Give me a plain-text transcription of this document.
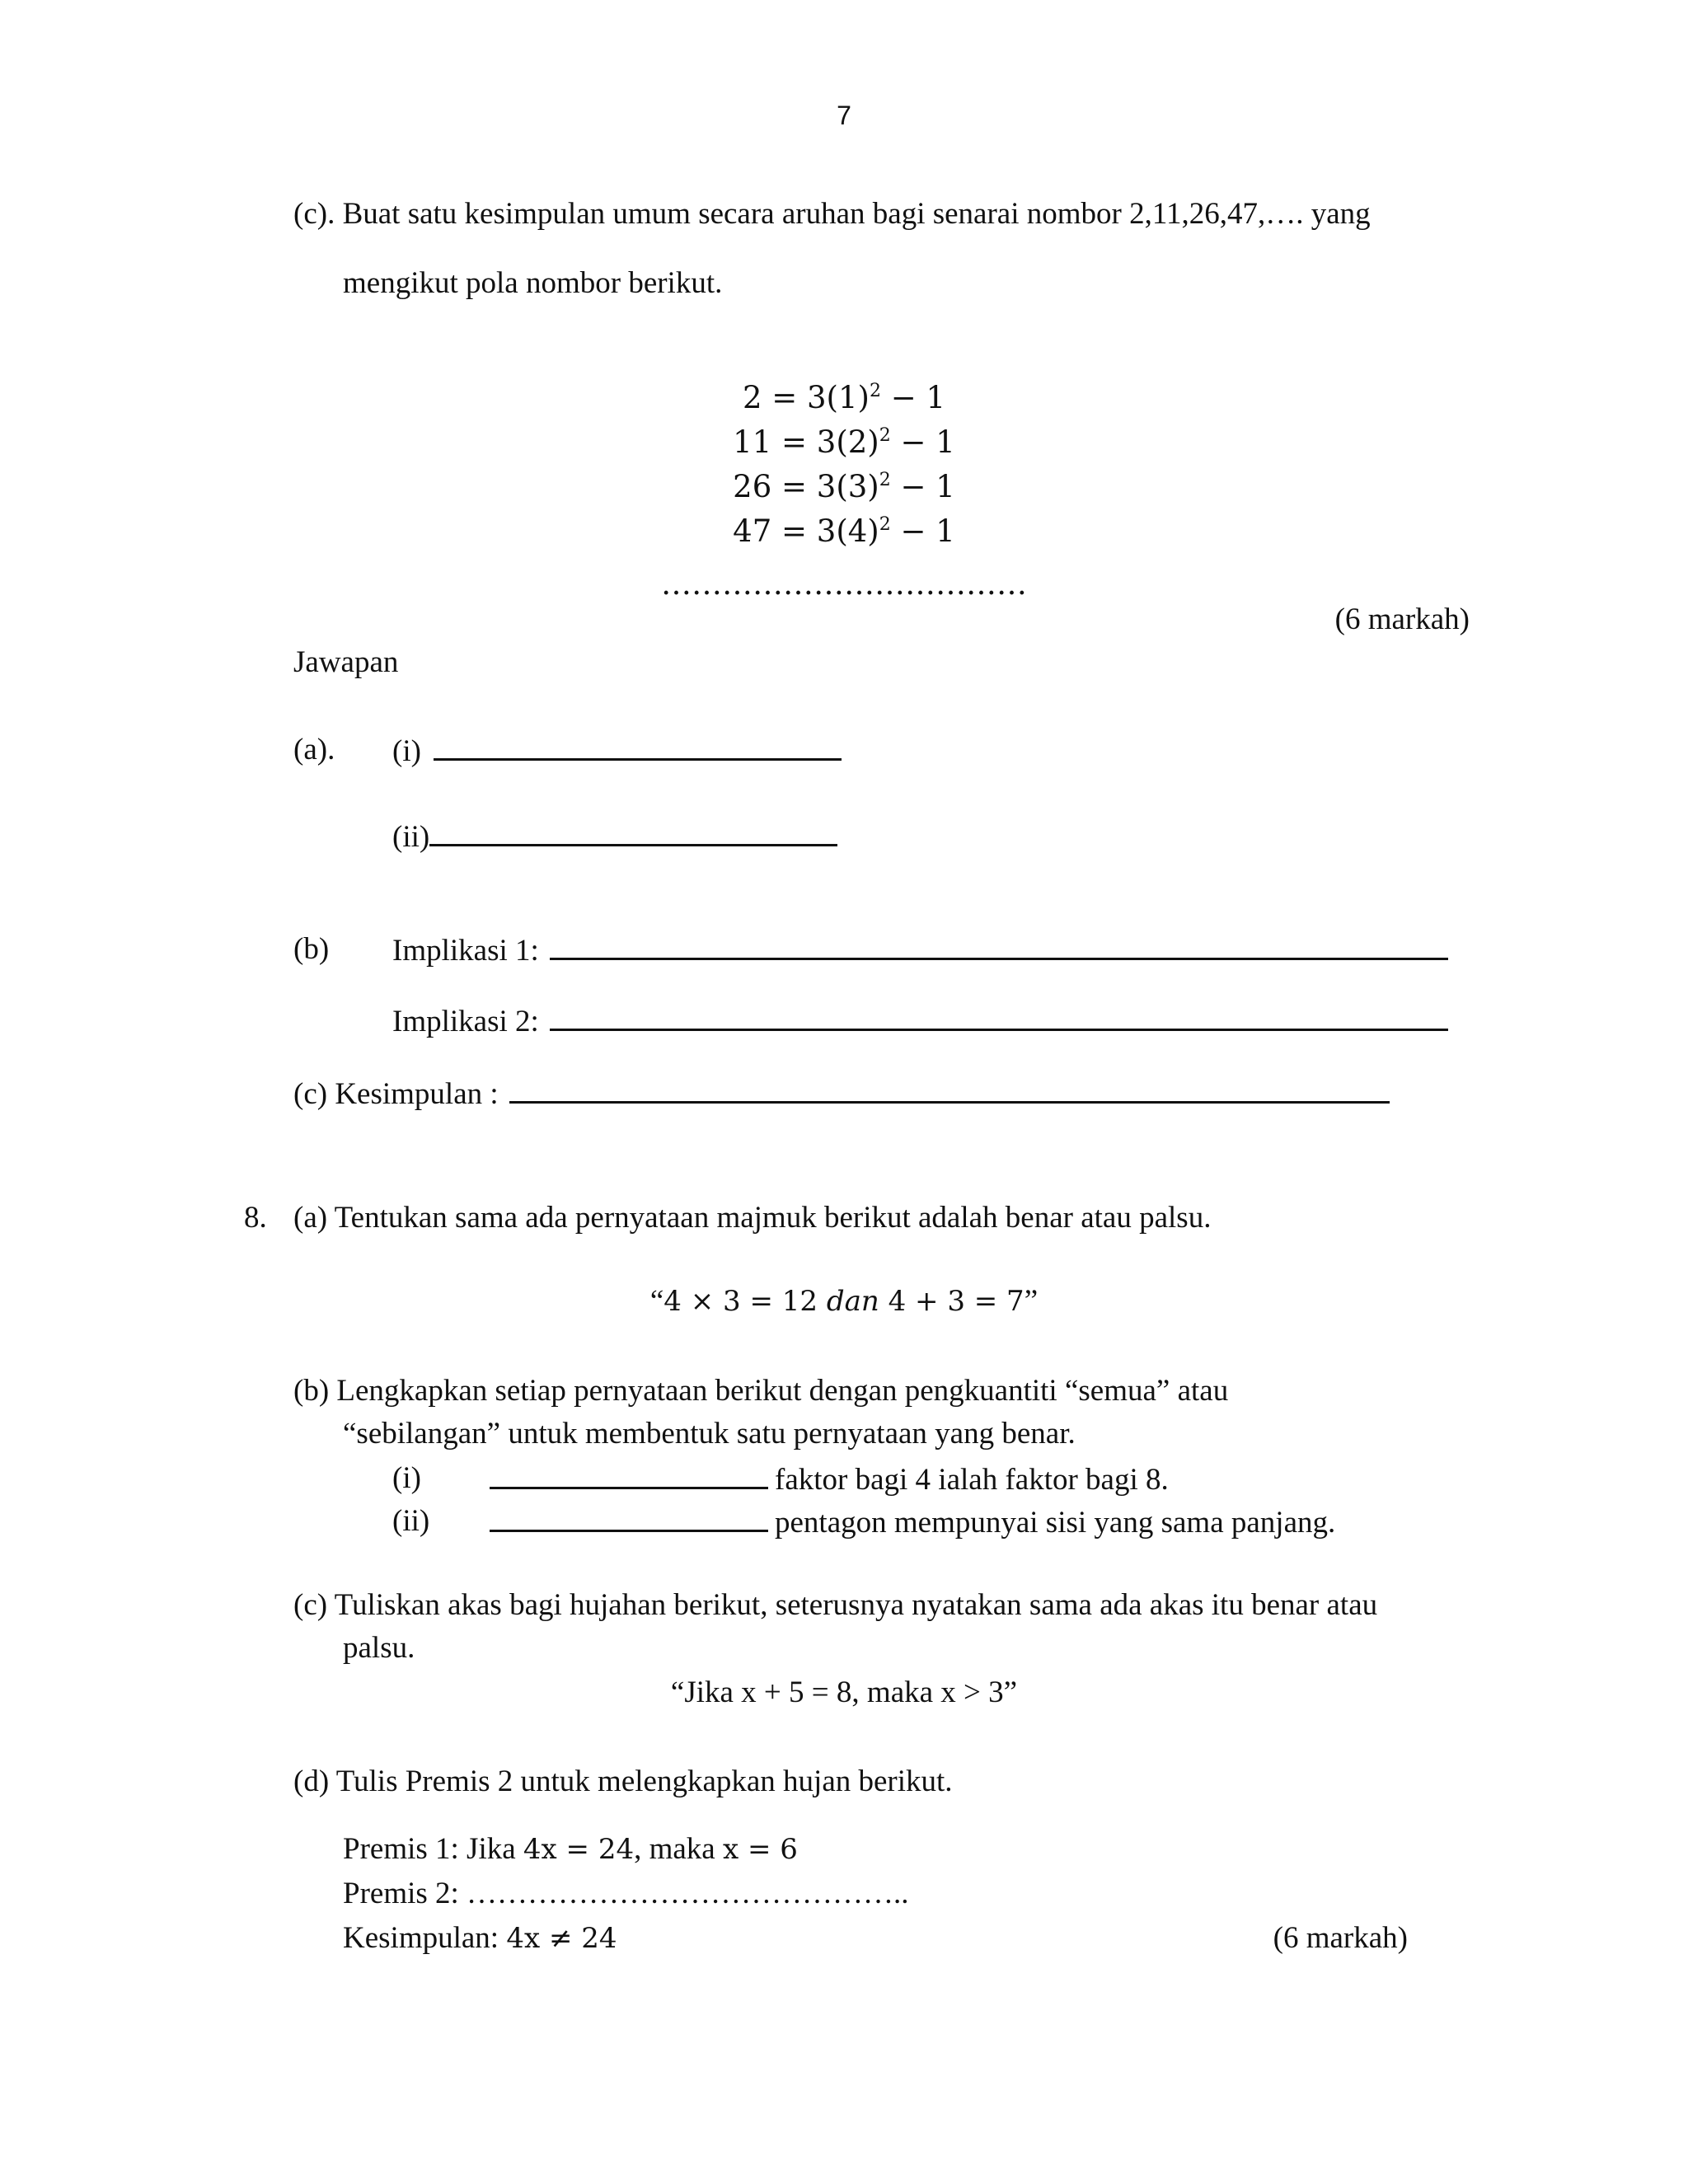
7
(c). Buat satu kesimpulan umum secara aruhan bagi senarai nombor 2,11,26,47,…. yang
mengikut pola nombor berikut.
$2 = 3(1)^2 - 1$
$11 = 3(2)^2 - 1$
$26 = 3(3)^2 - 1$
$47 = 3(4)^2 - 1$
………………………………
(6 markah)
Jawapan
(a). (i)
(ii)
(b) Implikasi 1:
Implikasi 2:
(c) Kesimpulan :
8. (a) Tentukan sama ada pernyataan majmuk berikut adalah benar atau palsu.
“4 × 3 = 12 dan 4 + 3 = 7”
(b) Lengkapkan setiap pernyataan berikut dengan pengkuantiti “semua” atau
“sebilangan” untuk membentuk satu pernyataan yang benar.
(i)	faktor bagi 4 ialah faktor bagi 8.
(ii)	pentagon mempunyai sisi yang sama panjang.
(c) Tuliskan akas bagi hujahan berikut, seterusnya nyatakan sama ada akas itu benar atau
palsu.
“Jika x + 5 = 8, maka x > 3”
(d) Tulis Premis 2 untuk melengkapkan hujan berikut.
Premis 1: Jika 4x = 24, maka x = 6
Premis 2: ……………………………………..
Kesimpulan: 4x ≠ 24	(6 markah)
